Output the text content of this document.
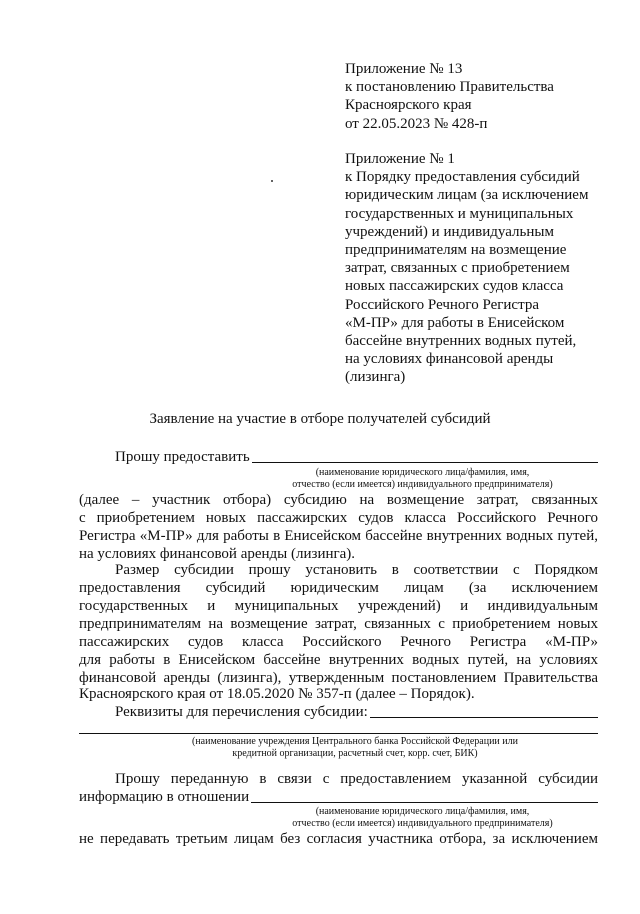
Приложение № 13
к постановлению Правительства
Красноярского края
от 22.05.2023 № 428-п
Приложение № 1
к Порядку предоставления субсидий
юридическим лицам (за исключением
государственных и муниципальных
учреждений) и индивидуальным
предпринимателям на возмещение
затрат, связанных с приобретением
новых пассажирских судов класса
Российского Речного Регистра
«М-ПР» для работы в Енисейском
бассейне внутренних водных путей,
на условиях финансовой аренды
(лизинга)
Заявление на участие в отборе получателей субсидий
Прошу предоставить
(наименование юридического лица/фамилия, имя,
отчество (если имеется) индивидуального предпринимателя)
(далее – участник отбора) субсидию на возмещение затрат, связанных
с приобретением новых пассажирских судов класса Российского Речного
Регистра «М-ПР» для работы в Енисейском бассейне внутренних водных путей,
на условиях финансовой аренды (лизинга).
Размер субсидии прошу установить в соответствии с Порядком
предоставления субсидий юридическим лицам (за исключением
государственных и муниципальных учреждений) и индивидуальным
предпринимателям на возмещение затрат, связанных с приобретением новых
пассажирских судов класса Российского Речного Регистра «М-ПР»
для работы в Енисейском бассейне внутренних водных путей, на условиях
финансовой аренды (лизинга), утвержденным постановлением Правительства
Красноярского края от 18.05.2020 № 357-п (далее – Порядок).
Реквизиты для перечисления субсидии:
(наименование учреждения Центрального банка Российской Федерации или
кредитной организации, расчетный счет, корр. счет, БИК)
Прошу переданную в связи с предоставлением указанной субсидии
информацию в отношении
(наименование юридического лица/фамилия, имя,
отчество (если имеется) индивидуального предпринимателя)
не передавать третьим лицам без согласия участника отбора, за исключением
